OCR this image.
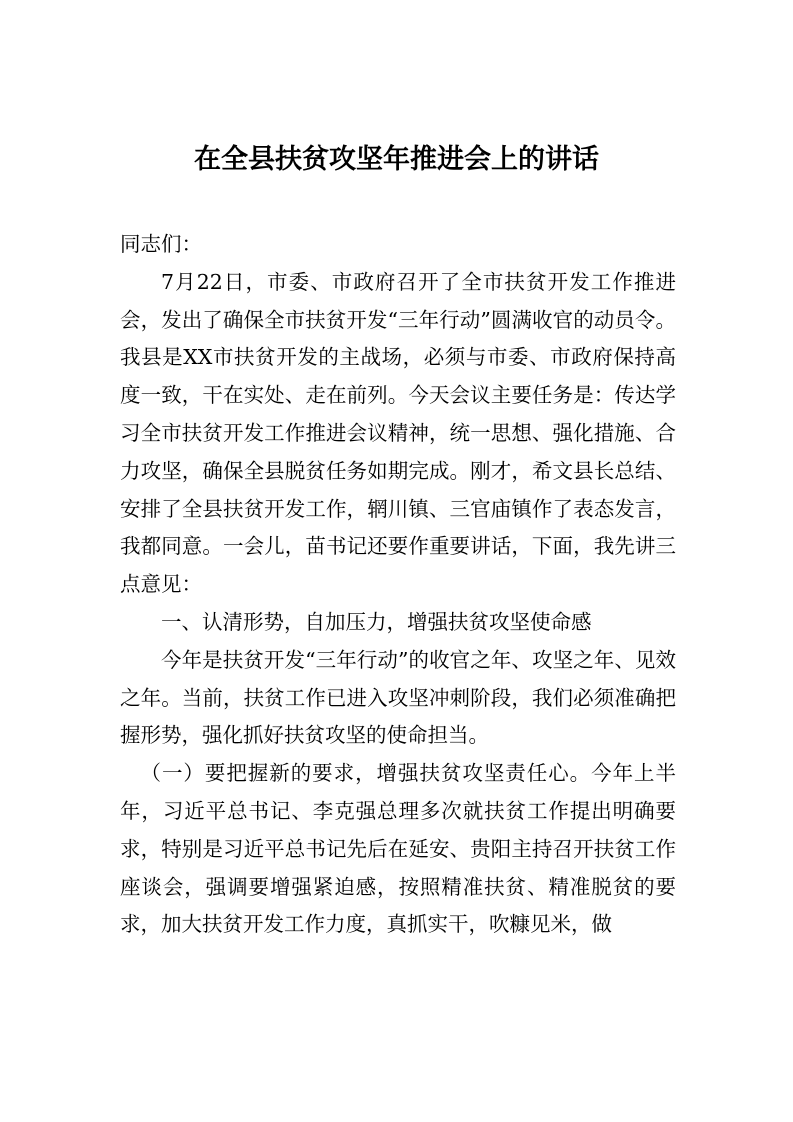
在全县扶贫攻坚年推进会上的讲话

同志们：

7月22日，市委、市政府召开了全市扶贫开发工作推进会，发出了确保全市扶贫开发“三年行动”圆满收官的动员令。我县是XX市扶贫开发的主战场，必须与市委、市政府保持高度一致，干在实处、走在前列。今天会议主要任务是：传达学习全市扶贫开发工作推进会议精神，统一思想、强化措施、合力攻坚，确保全县脱贫任务如期完成。刚才，希文县长总结、安排了全县扶贫开发工作，辋川镇、三官庙镇作了表态发言，我都同意。一会儿，苗书记还要作重要讲话，下面，我先讲三点意见：

一、认清形势，自加压力，增强扶贫攻坚使命感

今年是扶贫开发“三年行动”的收官之年、攻坚之年、见效之年。当前，扶贫工作已进入攻坚冲刺阶段，我们必须准确把握形势，强化抓好扶贫攻坚的使命担当。

（一）要把握新的要求，增强扶贫攻坚责任心。今年上半年，习近平总书记、李克强总理多次就扶贫工作提出明确要求，特别是习近平总书记先后在延安、贵阳主持召开扶贫工作座谈会，强调要增强紧迫感，按照精准扶贫、精准脱贫的要求，加大扶贫开发工作力度，真抓实干，吹糠见米，做
